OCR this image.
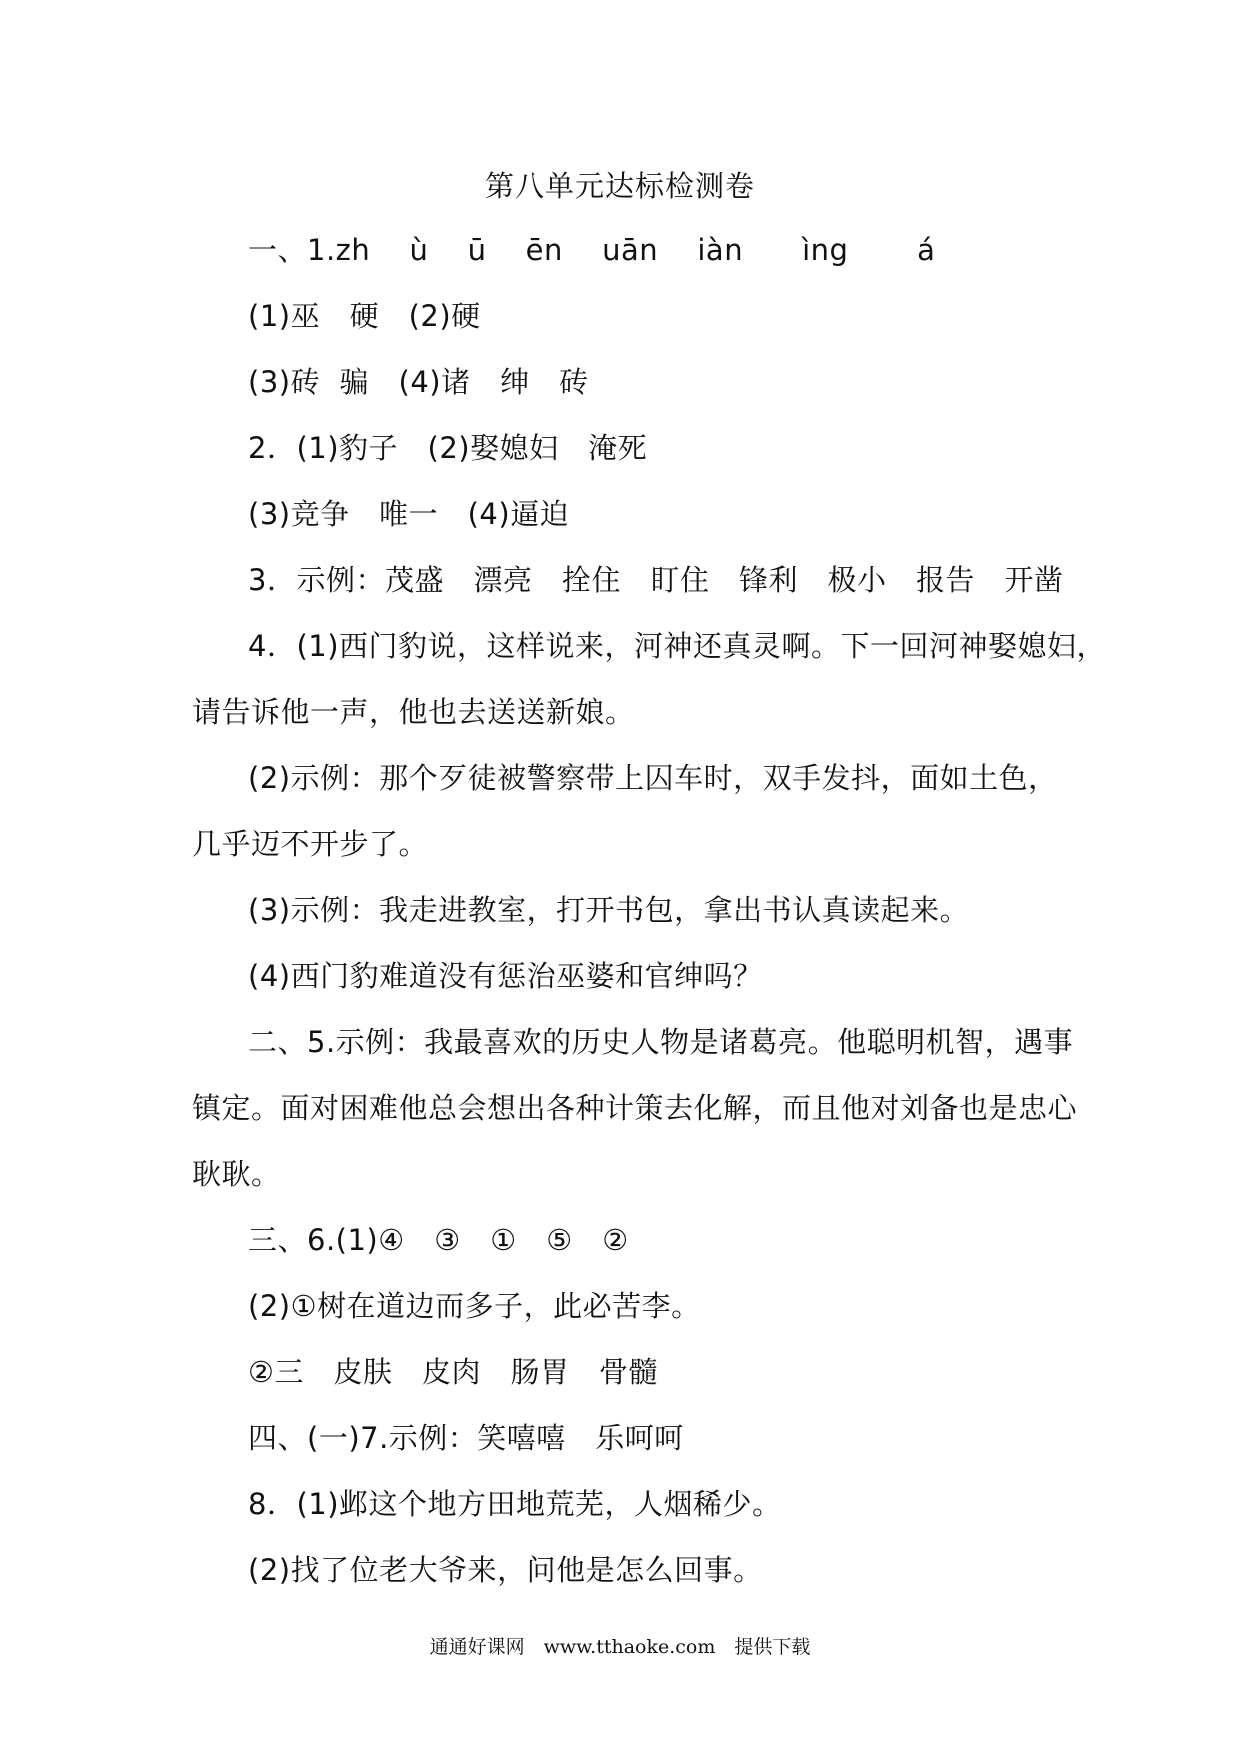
第八单元达标检测卷
一、1.zh　 ù　 ū　 ēn　 uān　 iàn　　ìng　　 á
(1)巫　硬　(2)硬
(3)砖  骗　(4)诸　绅　砖
2．(1)豹子　(2)娶媳妇　淹死
(3)竞争　唯一　(4)逼迫
3．示例：茂盛　漂亮　拴住　盯住　锋利　极小　报告　开凿
4．(1)西门豹说，这样说来，河神还真灵啊。下一回河神娶媳妇，
请告诉他一声，他也去送送新娘。
(2)示例：那个歹徒被警察带上囚车时，双手发抖，面如土色，
几乎迈不开步了。
(3)示例：我走进教室，打开书包，拿出书认真读起来。
(4)西门豹难道没有惩治巫婆和官绅吗？
二、5.示例：我最喜欢的历史人物是诸葛亮。他聪明机智，遇事
镇定。面对困难他总会想出各种计策去化解，而且他对刘备也是忠心
耿耿。
三、6.(1)④　③　①　⑤　②
(2)①树在道边而多子，此必苦李。
②三　皮肤　皮肉　肠胃　骨髓
四、(一)7.示例：笑嘻嘻　乐呵呵
8．(1)邺这个地方田地荒芜，人烟稀少。
(2)找了位老大爷来，问他是怎么回事。
通通好课网　www.tthaoke.com　提供下载
